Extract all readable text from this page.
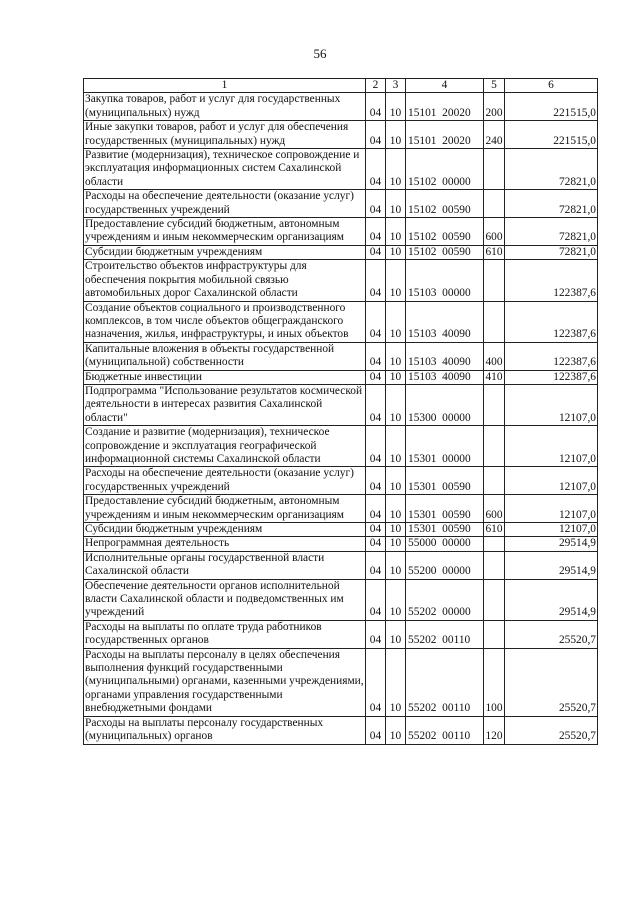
56
1	2	3	4	5	6
Закупка товаров, работ и услуг для государственных (муниципальных) нужд	04	10	15101  20020	200	221515,0
Иные закупки товаров, работ и услуг для обеспечения государственных (муниципальных) нужд	04	10	15101  20020	240	221515,0
Развитие (модернизация), техническое сопровождение и эксплуатация информационных систем Сахалинской области	04	10	15102  00000		72821,0
Расходы на обеспечение деятельности (оказание услуг) государственных учреждений	04	10	15102  00590		72821,0
Предоставление субсидий бюджетным, автономным учреждениям и иным некоммерческим организациям	04	10	15102  00590	600	72821,0
Субсидии бюджетным учреждениям	04	10	15102  00590	610	72821,0
Строительство объектов инфраструктуры для обеспечения покрытия мобильной связью автомобильных дорог Сахалинской области	04	10	15103  00000		122387,6
Создание объектов социального и производственного комплексов, в том числе объектов общегражданского назначения, жилья, инфраструктуры, и иных объектов	04	10	15103  40090		122387,6
Капитальные вложения в объекты государственной (муниципальной) собственности	04	10	15103  40090	400	122387,6
Бюджетные инвестиции	04	10	15103  40090	410	122387,6
Подпрограмма "Использование результатов космической деятельности в интересах развития Сахалинской области"	04	10	15300  00000		12107,0
Создание и развитие (модернизация), техническое сопровождение и эксплуатация географической информационной системы Сахалинской области	04	10	15301  00000		12107,0
Расходы на обеспечение деятельности (оказание услуг) государственных учреждений	04	10	15301  00590		12107,0
Предоставление субсидий бюджетным, автономным учреждениям и иным некоммерческим организациям	04	10	15301  00590	600	12107,0
Субсидии бюджетным учреждениям	04	10	15301  00590	610	12107,0
Непрограммная деятельность	04	10	55000  00000		29514,9
Исполнительные органы государственной власти Сахалинской области	04	10	55200  00000		29514,9
Обеспечение деятельности органов исполнительной власти Сахалинской области и подведомственных им учреждений	04	10	55202  00000		29514,9
Расходы на выплаты по оплате труда работников государственных органов	04	10	55202  00110		25520,7
Расходы на выплаты персоналу в целях обеспечения выполнения функций государственными (муниципальными) органами, казенными учреждениями, органами управления государственными внебюджетными фондами	04	10	55202  00110	100	25520,7
Расходы на выплаты персоналу государственных (муниципальных) органов	04	10	55202  00110	120	25520,7
